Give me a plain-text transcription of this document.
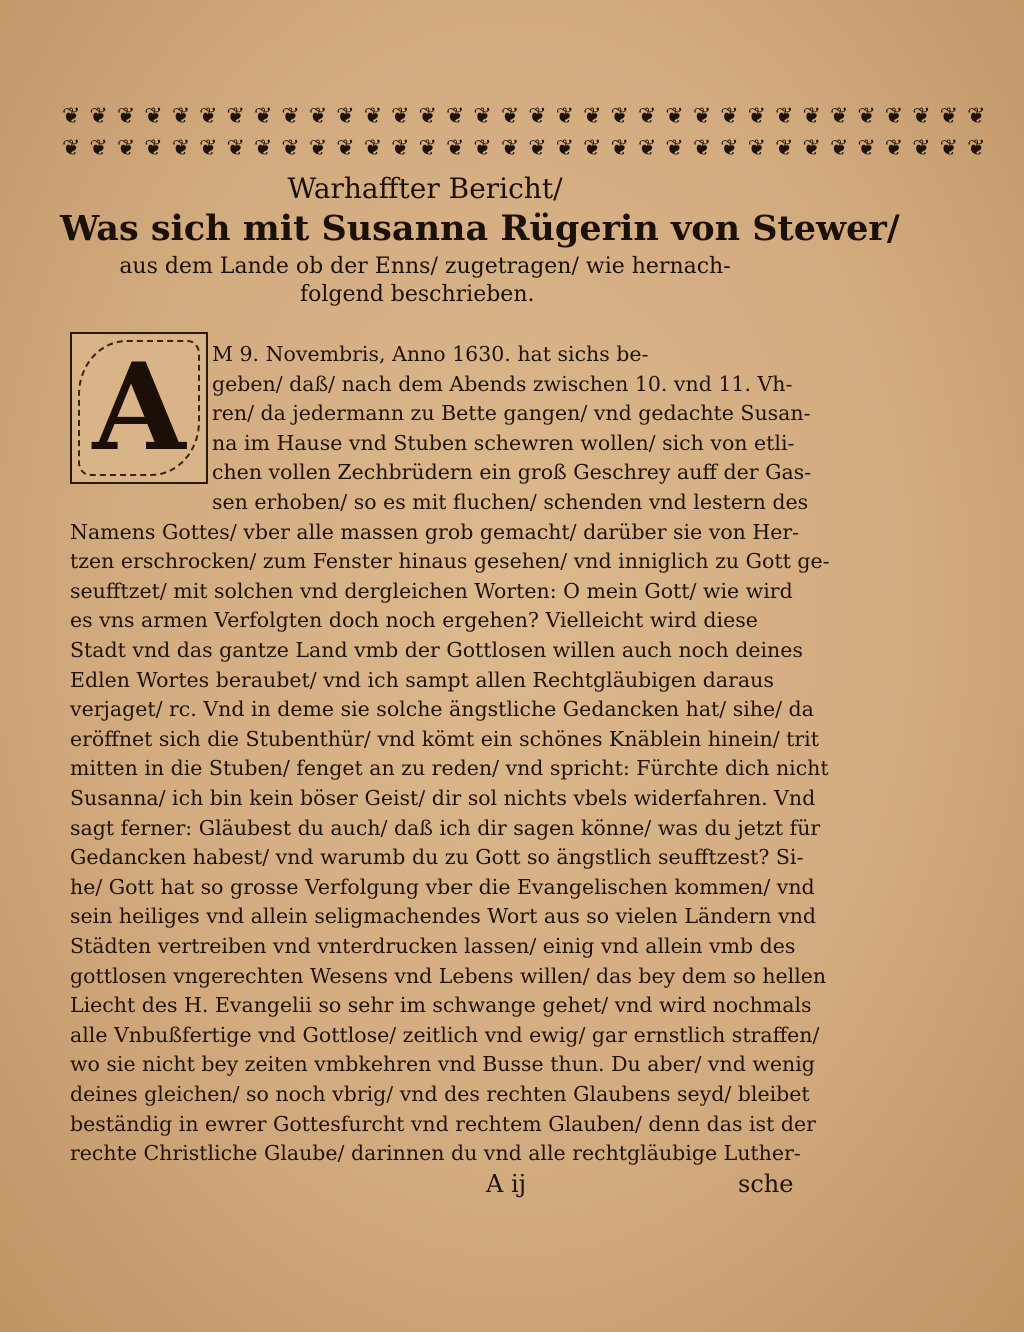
❦ ❦ ❦ ❦ ❦ ❦ ❦ ❦ ❦ ❦ ❦ ❦ ❦ ❦ ❦ ❦ ❦ ❦ ❦ ❦ ❦ ❦ ❦ ❦ ❦ ❦ ❦ ❦ ❦ ❦ ❦ ❦ ❦ ❦
❦ ❦ ❦ ❦ ❦ ❦ ❦ ❦ ❦ ❦ ❦ ❦ ❦ ❦ ❦ ❦ ❦ ❦ ❦ ❦ ❦ ❦ ❦ ❦ ❦ ❦ ❦ ❦ ❦ ❦ ❦ ❦ ❦ ❦
Warhaffter Bericht/
Was sich mit Susanna Rügerin von Stewer/
aus dem Lande ob der Enns/ zugetragen/ wie hernach-
folgend beschrieben.
A	M 9. Novembris, Anno 1630. hat sichs be-
geben/ daß/ nach dem Abends zwischen 10. vnd 11. Vh-
ren/ da jedermann zu Bette gangen/ vnd gedachte Susan-
na im Hause vnd Stuben schewren wollen/ sich von etli-
chen vollen Zechbrüdern ein groß Geschrey auff der Gas-
sen erhoben/ so es mit fluchen/ schenden vnd lestern des
Namens Gottes/ vber alle massen grob gemacht/ darüber sie von Her-
tzen erschrocken/ zum Fenster hinaus gesehen/ vnd inniglich zu Gott ge-
seufftzet/ mit solchen vnd dergleichen Worten: O mein Gott/ wie wird
es vns armen Verfolgten doch noch ergehen? Vielleicht wird diese
Stadt vnd das gantze Land vmb der Gottlosen willen auch noch deines
Edlen Wortes beraubet/ vnd ich sampt allen Rechtgläubigen daraus
verjaget/ rc. Vnd in deme sie solche ängstliche Gedancken hat/ sihe/ da
eröffnet sich die Stubenthür/ vnd kömt ein schönes Knäblein hinein/ trit
mitten in die Stuben/ fenget an zu reden/ vnd spricht: Fürchte dich nicht
Susanna/ ich bin kein böser Geist/ dir sol nichts vbels widerfahren. Vnd
sagt ferner: Gläubest du auch/ daß ich dir sagen könne/ was du jetzt für
Gedancken habest/ vnd warumb du zu Gott so ängstlich seufftzest? Si-
he/ Gott hat so grosse Verfolgung vber die Evangelischen kommen/ vnd
sein heiliges vnd allein seligmachendes Wort aus so vielen Ländern vnd
Städten vertreiben vnd vnterdrucken lassen/ einig vnd allein vmb des
gottlosen vngerechten Wesens vnd Lebens willen/ das bey dem so hellen
Liecht des H. Evangelii so sehr im schwange gehet/ vnd wird nochmals
alle Vnbußfertige vnd Gottlose/ zeitlich vnd ewig/ gar ernstlich straffen/
wo sie nicht bey zeiten vmbkehren vnd Busse thun. Du aber/ vnd wenig
deines gleichen/ so noch vbrig/ vnd des rechten Glaubens seyd/ bleibet
beständig in ewrer Gottesfurcht vnd rechtem Glauben/ denn das ist der
rechte Christliche Glaube/ darinnen du vnd alle rechtgläubige Luther-
A ij	sche
